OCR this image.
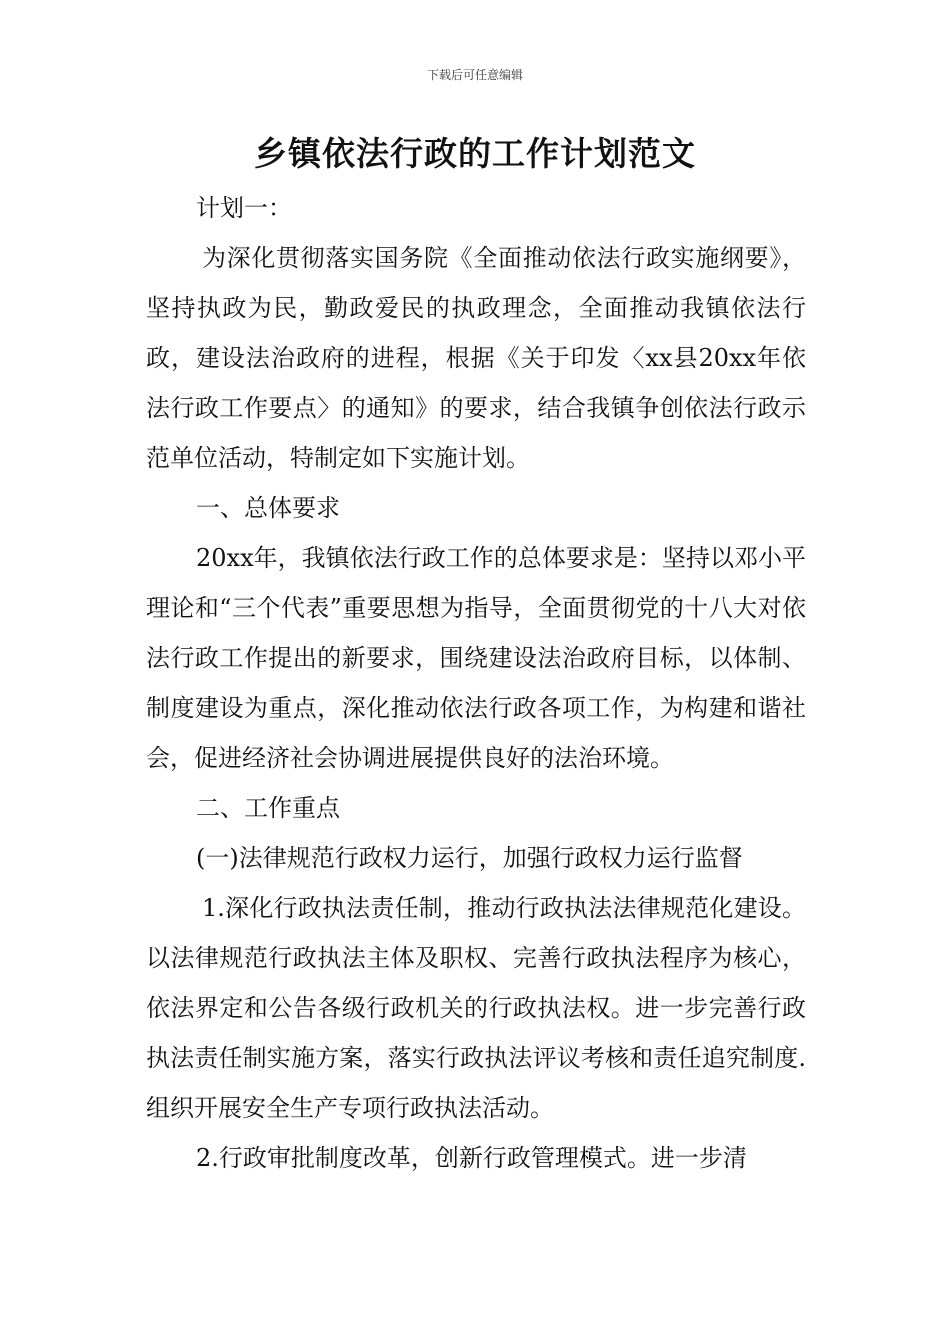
下载后可任意编辑
乡镇依法行政的工作计划范文

计划一：

为深化贯彻落实国务院《全面推动依法行政实施纲要》，坚持执政为民，勤政爱民的执政理念，全面推动我镇依法行政，建设法治政府的进程，根据《关于印发〈xx县20xx年依法行政工作要点〉的通知》的要求，结合我镇争创依法行政示范单位活动，特制定如下实施计划。

一、总体要求

20xx年，我镇依法行政工作的总体要求是：坚持以邓小平理论和“三个代表”重要思想为指导，全面贯彻党的十八大对依法行政工作提出的新要求，围绕建设法治政府目标，以体制、制度建设为重点，深化推动依法行政各项工作，为构建和谐社会，促进经济社会协调进展提供良好的法治环境。

二、工作重点

(一)法律规范行政权力运行，加强行政权力运行监督

1.深化行政执法责任制，推动行政执法法律规范化建设。以法律规范行政执法主体及职权、完善行政执法程序为核心，依法界定和公告各级行政机关的行政执法权。进一步完善行政执法责任制实施方案，落实行政执法评议考核和责任追究制度.组织开展安全生产专项行政执法活动。

2.行政审批制度改革，创新行政管理模式。进一步清
